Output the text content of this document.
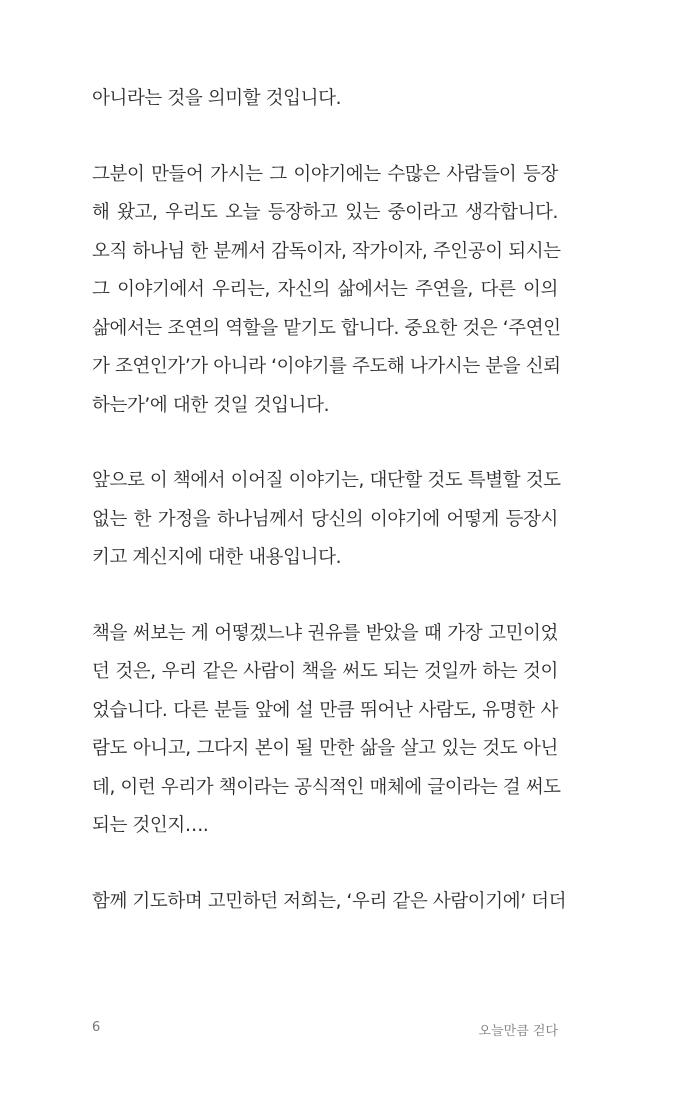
아니라는 것을 의미할 것입니다.

그분이 만들어 가시는 그 이야기에는 수많은 사람들이 등장
해 왔고, 우리도 오늘 등장하고 있는 중이라고 생각합니다.
오직 하나님 한 분께서 감독이자, 작가이자, 주인공이 되시는
그 이야기에서 우리는, 자신의 삶에서는 주연을, 다른 이의
삶에서는 조연의 역할을 맡기도 합니다. 중요한 것은 ‘주연인
가 조연인가’가 아니라 ‘이야기를 주도해 나가시는 분을 신뢰
하는가’에 대한 것일 것입니다.

앞으로 이 책에서 이어질 이야기는, 대단할 것도 특별할 것도
없는 한 가정을 하나님께서 당신의 이야기에 어떻게 등장시
키고 계신지에 대한 내용입니다.

책을 써보는 게 어떻겠느냐 권유를 받았을 때 가장 고민이었
던 것은, 우리 같은 사람이 책을 써도 되는 것일까 하는 것이
었습니다. 다른 분들 앞에 설 만큼 뛰어난 사람도, 유명한 사
람도 아니고, 그다지 본이 될 만한 삶을 살고 있는 것도 아닌
데, 이런 우리가 책이라는 공식적인 매체에 글이라는 걸 써도
되는 것인지….

함께 기도하며 고민하던 저희는, ‘우리 같은 사람이기에’ 더더

6	오늘만큼 걷다
